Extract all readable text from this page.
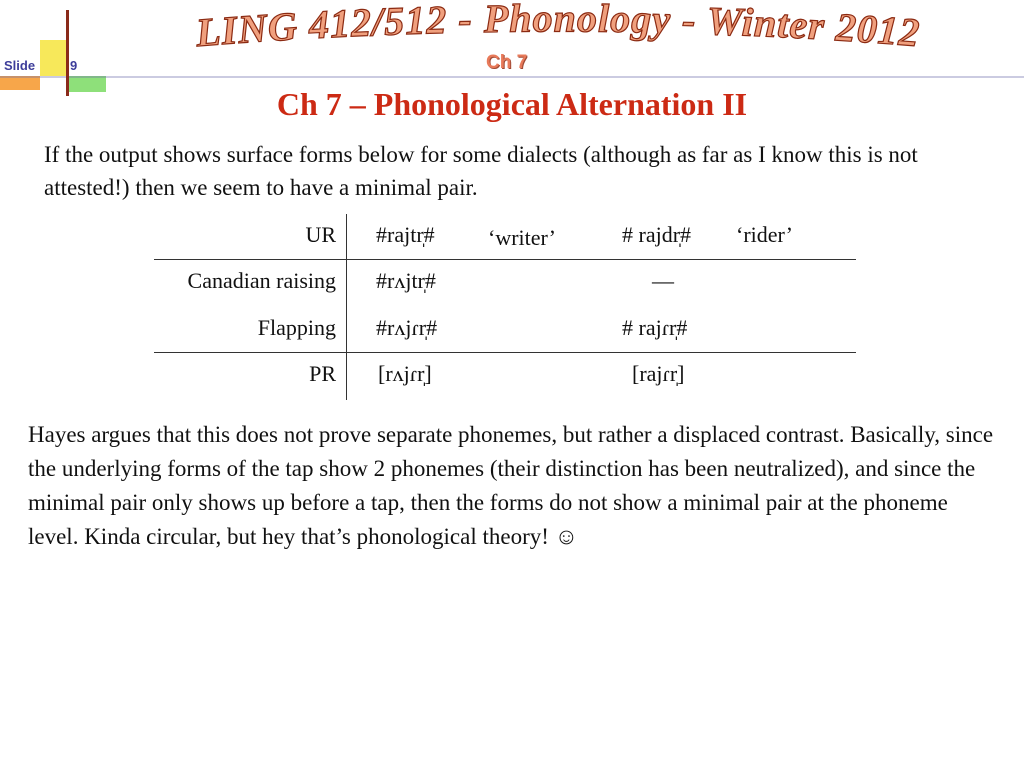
Slide	9
LING 412/512 - Phonology - Winter 2012
Ch 7
Ch 7 – Phonological Alternation II
If the output shows surface forms below for some dialects (although as far as I know this is not attested!) then we seem to have a minimal pair.
UR #rajtr̩# ‘writer’	# rajdr̩# ‘rider’
Canadian raising #rʌjtr̩#	—
Flapping #rʌjɾr̩#	# rajɾr̩#
PR [rʌjɾr̩]	[rajɾr̩]
Hayes argues that this does not prove separate phonemes, but rather a displaced contrast. Basically, since the underlying forms of the tap show 2 phonemes (their distinction has been neutralized), and since the minimal pair only shows up before a tap, then the forms do not show a minimal pair at the phoneme level. Kinda circular, but hey that’s phonological theory! ☺
